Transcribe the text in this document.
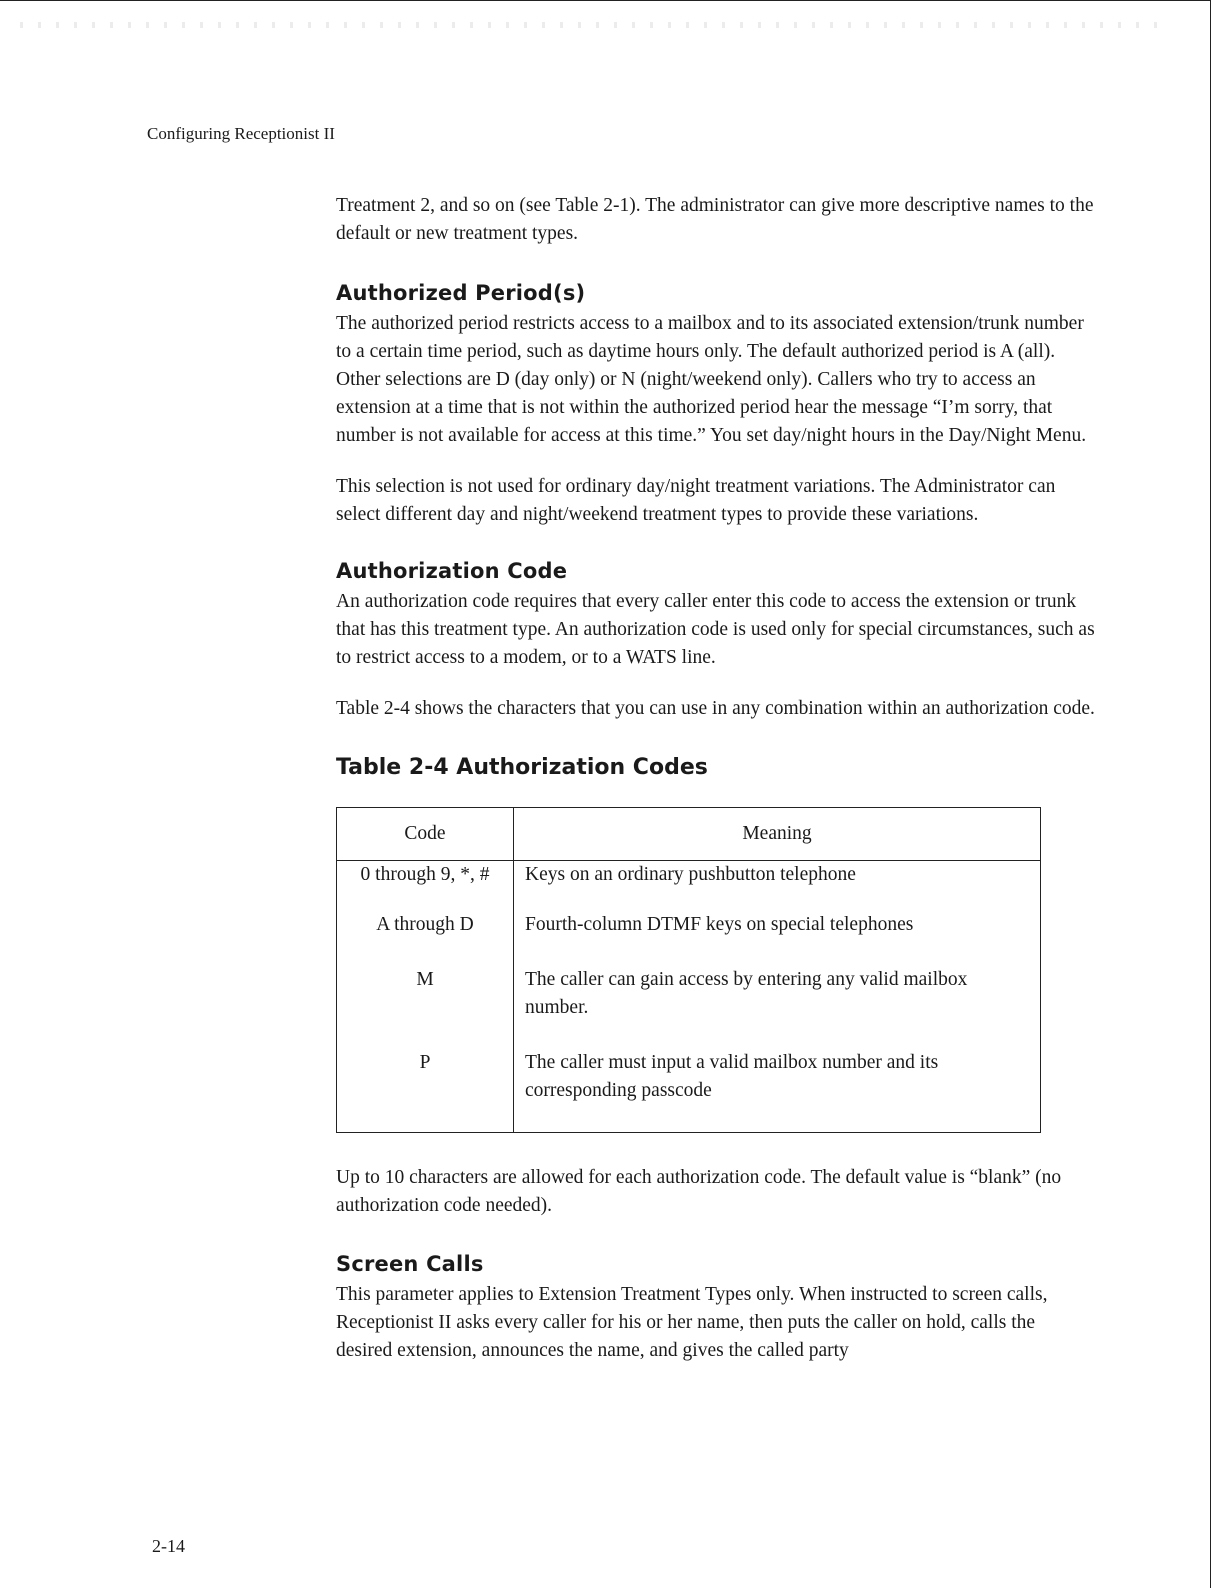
Configuring Receptionist II

Treatment 2, and so on (see Table 2-1). The administrator can give more descriptive names to the default or new treatment types.

Authorized Period(s)

The authorized period restricts access to a mailbox and to its associated extension/trunk number to a certain time period, such as daytime hours only. The default authorized period is A (all). Other selections are D (day only) or N (night/weekend only). Callers who try to access an extension at a time that is not within the authorized period hear the message “I’m sorry, that number is not available for access at this time.” You set day/night hours in the Day/Night Menu.

This selection is not used for ordinary day/night treatment variations. The Administrator can select different day and night/weekend treatment types to provide these variations.

Authorization Code

An authorization code requires that every caller enter this code to access the extension or trunk that has this treatment type. An authorization code is used only for special circumstances, such as to restrict access to a modem, or to a WATS line.

Table 2-4 shows the characters that you can use in any combination within an authorization code.

Table 2-4 Authorization Codes
Code	Meaning
0 through 9, *, #	Keys on an ordinary pushbutton telephone
A through D	Fourth-column DTMF keys on special telephones
M	The caller can gain access by entering any valid mailbox number.
P	The caller must input a valid mailbox number and its corresponding passcode

Up to 10 characters are allowed for each authorization code. The default value is “blank” (no authorization code needed).

Screen Calls

This parameter applies to Extension Treatment Types only. When instructed to screen calls, Receptionist II asks every caller for his or her name, then puts the caller on hold, calls the desired extension, announces the name, and gives the called party

2-14
